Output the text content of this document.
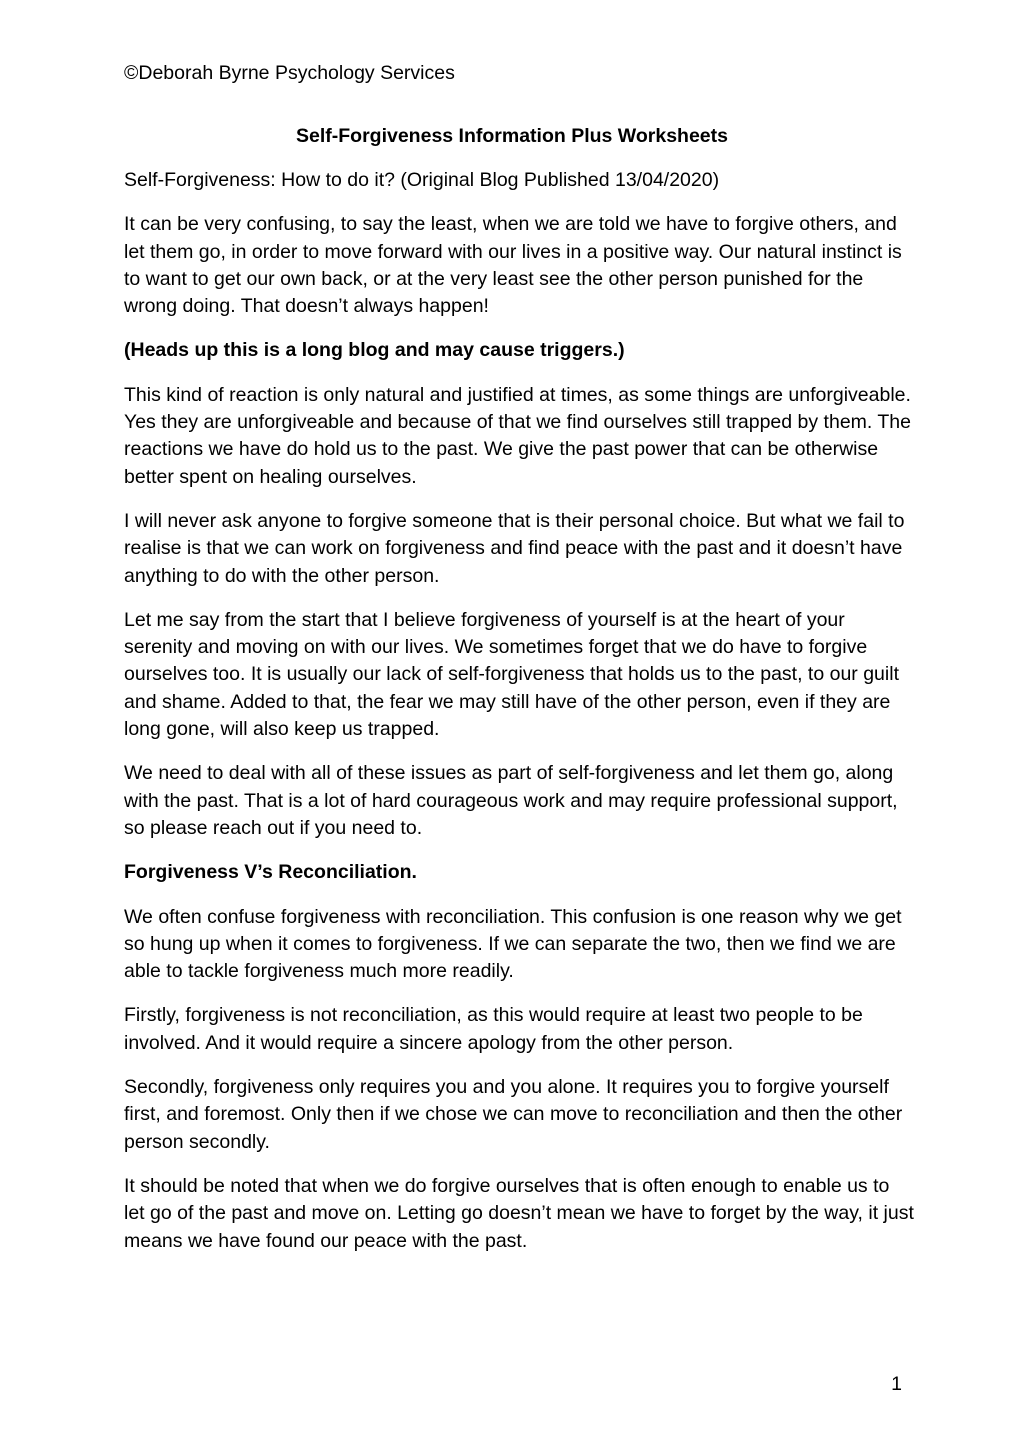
©Deborah Byrne Psychology Services
Self-Forgiveness Information Plus Worksheets

Self-Forgiveness: How to do it? (Original Blog Published 13/04/2020)

It can be very confusing, to say the least, when we are told we have to forgive others, and let them go, in order to move forward with our lives in a positive way. Our natural instinct is to want to get our own back, or at the very least see the other person punished for the wrong doing. That doesn’t always happen!

(Heads up this is a long blog and may cause triggers.)

This kind of reaction is only natural and justified at times, as some things are unforgiveable. Yes they are unforgiveable and because of that we find ourselves still trapped by them. The reactions we have do hold us to the past. We give the past power that can be otherwise better spent on healing ourselves.

I will never ask anyone to forgive someone that is their personal choice. But what we fail to realise is that we can work on forgiveness and find peace with the past and it doesn’t have anything to do with the other person.

Let me say from the start that I believe forgiveness of yourself is at the heart of your serenity and moving on with our lives. We sometimes forget that we do have to forgive ourselves too. It is usually our lack of self-forgiveness that holds us to the past, to our guilt and shame. Added to that, the fear we may still have of the other person, even if they are long gone, will also keep us trapped.

We need to deal with all of these issues as part of self-forgiveness and let them go, along with the past. That is a lot of hard courageous work and may require professional support, so please reach out if you need to.

Forgiveness V’s Reconciliation.

We often confuse forgiveness with reconciliation. This confusion is one reason why we get so hung up when it comes to forgiveness. If we can separate the two, then we find we are able to tackle forgiveness much more readily.

Firstly, forgiveness is not reconciliation, as this would require at least two people to be involved. And it would require a sincere apology from the other person.

Secondly, forgiveness only requires you and you alone. It requires you to forgive yourself first, and foremost. Only then if we chose we can move to reconciliation and then the other person secondly.

It should be noted that when we do forgive ourselves that is often enough to enable us to let go of the past and move on. Letting go doesn’t mean we have to forget by the way, it just means we have found our peace with the past.

1
